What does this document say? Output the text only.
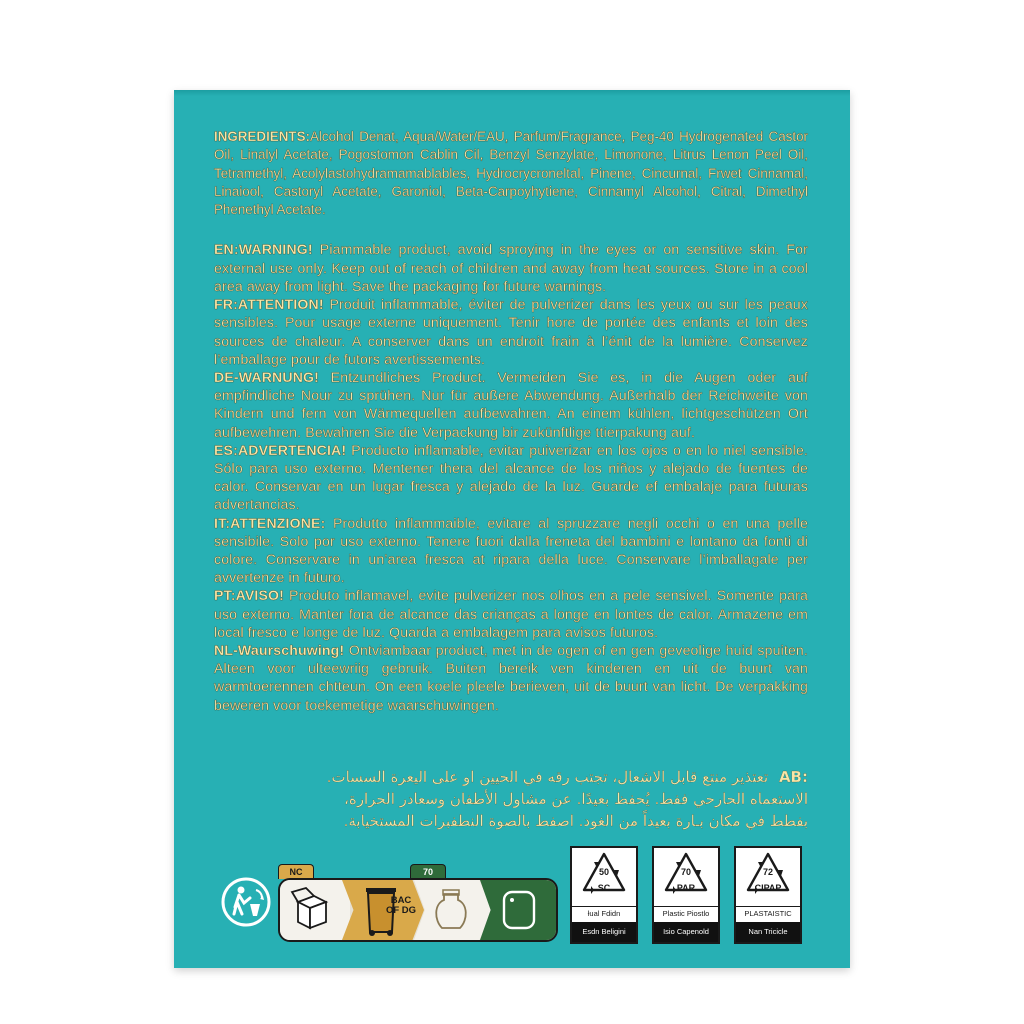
INGREDIENTS:Alcohol Denat, Aqua/Water/EAU, Parfum/Fragrance, Peg-40 Hydrogenated Castor Oil, Linalyl Acetate, Pogostomon Cablin Cil, Benzyl Senzylate, Limonone, Litrus Lenon Peel Oil, Tetramethyl, Acolylastohydramamablables, Hydrocrycroneltal, Pinene, Cincurnal, Frwet Cinnamal, Linaiool, Castoryl Acetate, Garoniol, Beta-Carpoyhytiene, Cinnamyl Alcohol, Citral, Dimethyl Phenethyl Acetate.

EN:WARNING! Piammable product, avoid sproying in the eyes or on sensitive skin. For external use only. Keep out of reach of children and away from heat sources. Store in a cool area away from light. Save the packaging for future warnings.

FR:ATTENTION! Produit inflammable, éviter de pulverizer dans les yeux ou sur les peaux sensibles. Pour usage externe uniquement. Tenir hore de portée des enfants et loin des sources de chaleur. A conserver dans un endroit frain à l’énit de la lumière. Conservez l’emballage pour de futors avertissements.

DE-WARNUNG! Entzundliches Product. Vermeiden Sie es, in die Augen oder auf empfindliche Nour zu sprühen. Nur für außere Abwendung. Außerhalb der Reichweite von Kindern und fern von Wärmequellen aufbewahren. An einem kühlen, lichtgeschützen Ort aufbewehren. Bewahren Sie die Verpackung bir zukünftlige ttierpakung auf.

ES:ADVERTENCIA! Producto inflamable, evitar puiverizar en los ojos o en lo niel sensible. Sólo para uso externo. Mentener thera del alcance de los niños y alejado de fuentes de calor. Conservar en un lugar fresca y alejado de la luz. Guarde ef embalaje para futuras advertancias.

IT:ATTENZIONE: Produtto inflammaible, evitare al spruzzare negli occhi o en una pelle sensibile. Solo por uso externo. Tenere fuori dalla freneta del bambini e lontano da fonti di colore. Conservare in un’area fresca at ripara della luce. Conservare l’imballagale per avvertenze in futuro.

PT:AVISO! Produto inflamavel, evite pulverizer nos olhos en a pele sensivel. Somente para uso externo. Manter fora de alcance das crianças a longe en lontes de calor. Armazene em local fresco e longe de luz. Quarda a embalagem para avisos futuros.

NL-Waurschuwing! Ontviambaar product, met in de ogen of en gen geveolige huid spuiten. Alteen voor ulteewriig gebruik. Buiten bereik ven kinderen en uit de buurt van warmtoerennen chtteun. On een koele pleele berieven, uit de buurt van licht. De verpakking beweren voor toekemetige waarschuwingen.

AB: تعتذير منتع قابل الاشعال، تجتب رقه في الحيين او على اليعرة السسات.
الاستعماه الحارحي ففط. ‌يُحفظ بعيدًا. عن مشاول الأطفان وسعادر الحرارة،
بفطط في مكان بـارة بعيداً من الغود. اصفط بالصوة النطفبرات المستخيابة.
NC	70
BAC OF DG
50
SC
ƚual Fdidn
Esdn Beligini
70
PAR
Plastic Piostlo
Isio Capenold
72
CIPAP
PLASTAISTIC
Nan Tricicle
